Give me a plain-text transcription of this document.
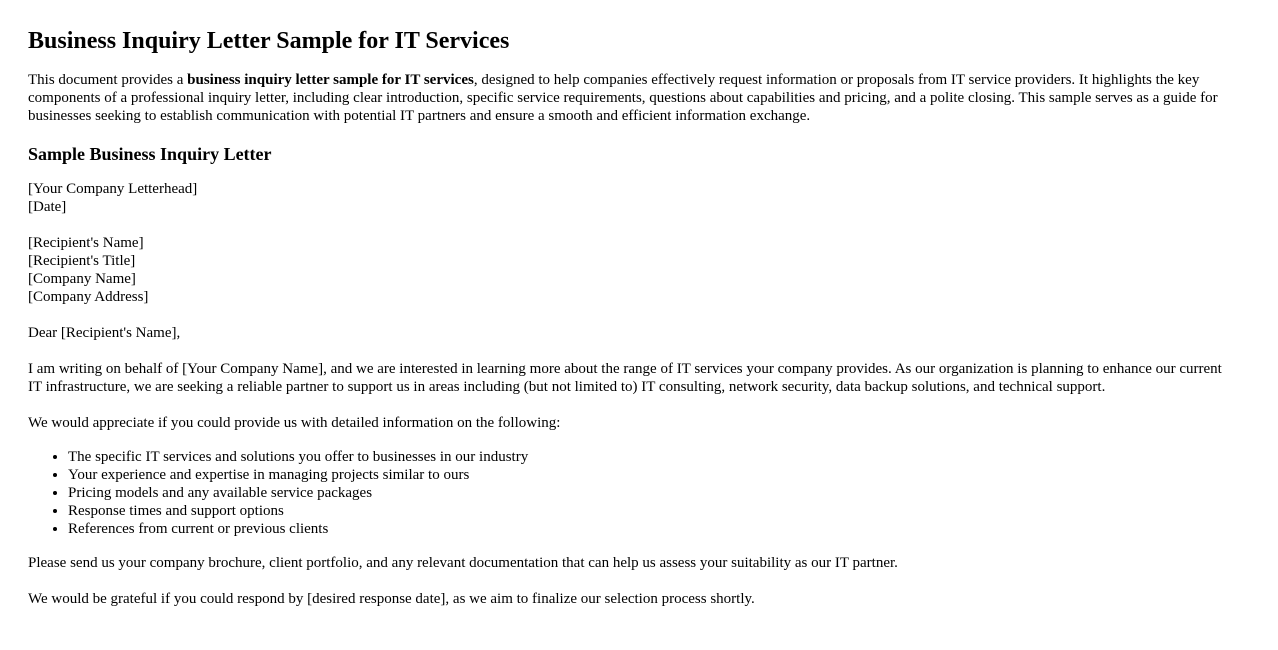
Business Inquiry Letter Sample for IT Services

This document provides a business inquiry letter sample for IT services, designed to help companies effectively request information or proposals from IT service providers. It highlights the key components of a professional inquiry letter, including clear introduction, specific service requirements, questions about capabilities and pricing, and a polite closing. This sample serves as a guide for businesses seeking to establish communication with potential IT partners and ensure a smooth and efficient information exchange.

Sample Business Inquiry Letter
[Your Company Letterhead]
[Date]
[Recipient's Name]
[Recipient's Title]
[Company Name]
[Company Address]

Dear [Recipient's Name],

I am writing on behalf of [Your Company Name], and we are interested in learning more about the range of IT services your company provides. As our organization is planning to enhance our current IT infrastructure, we are seeking a reliable partner to support us in areas including (but not limited to) IT consulting, network security, data backup solutions, and technical support.

We would appreciate if you could provide us with detailed information on the following:

• The specific IT services and solutions you offer to businesses in our industry
• Your experience and expertise in managing projects similar to ours
• Pricing models and any available service packages
• Response times and support options
• References from current or previous clients

Please send us your company brochure, client portfolio, and any relevant documentation that can help us assess your suitability as our IT partner.

We would be grateful if you could respond by [desired response date], as we aim to finalize our selection process shortly.
